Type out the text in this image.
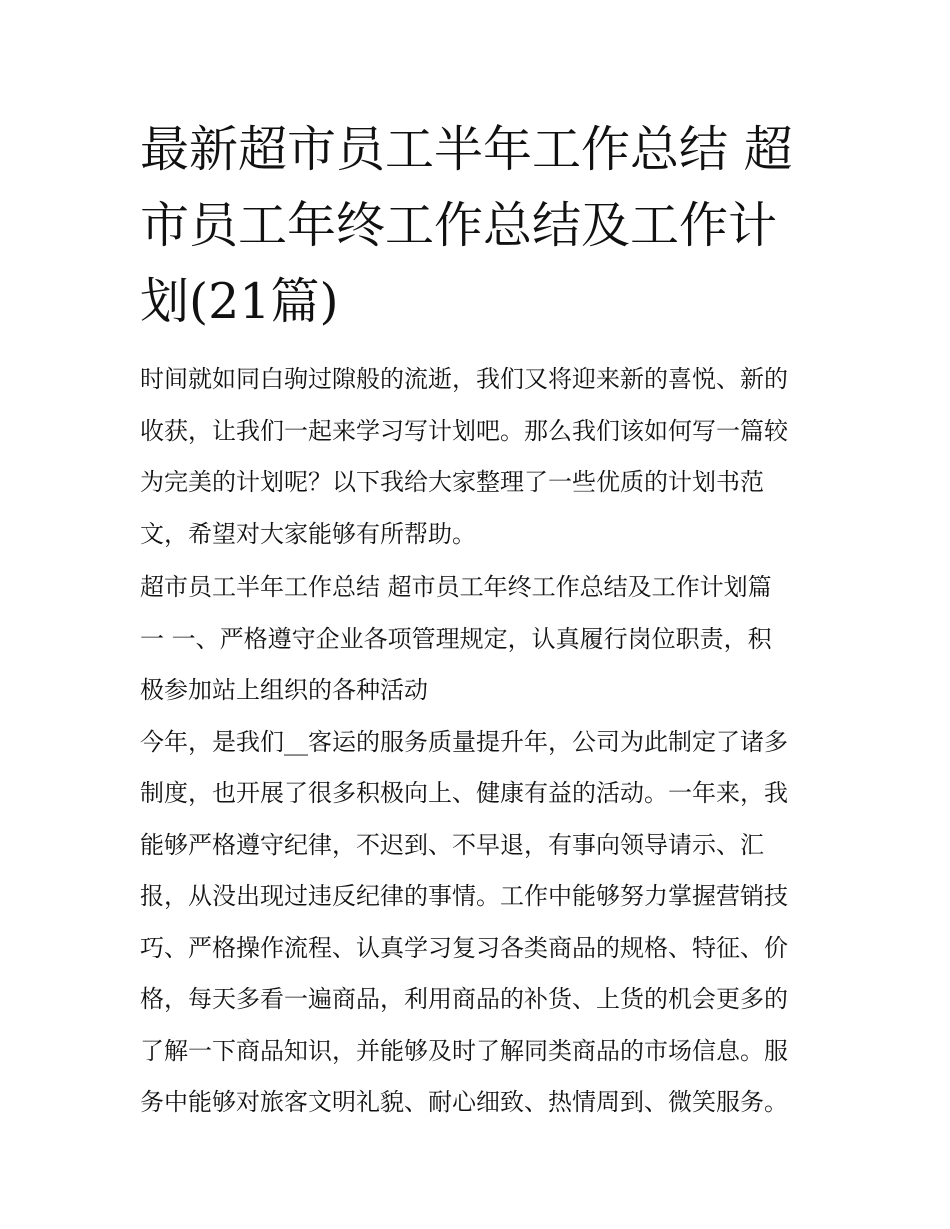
最新超市员工半年工作总结 超
市员工年终工作总结及工作计
划(21篇)

时间就如同白驹过隙般的流逝，我们又将迎来新的喜悦、新的
收获，让我们一起来学习写计划吧。那么我们该如何写一篇较
为完美的计划呢？以下我给大家整理了一些优质的计划书范
文，希望对大家能够有所帮助。

超市员工半年工作总结 超市员工年终工作总结及工作计划篇
一 一、严格遵守企业各项管理规定，认真履行岗位职责，积
极参加站上组织的各种活动

今年，是我们__客运的服务质量提升年，公司为此制定了诸多
制度，也开展了很多积极向上、健康有益的活动。一年来，我
能够严格遵守纪律，不迟到、不早退，有事向领导请示、汇
报，从没出现过违反纪律的事情。工作中能够努力掌握营销技
巧、严格操作流程、认真学习复习各类商品的规格、特征、价
格，每天多看一遍商品，利用商品的补货、上货的机会更多的
了解一下商品知识，并能够及时了解同类商品的市场信息。服
务中能够对旅客文明礼貌、耐心细致、热情周到、微笑服务。
